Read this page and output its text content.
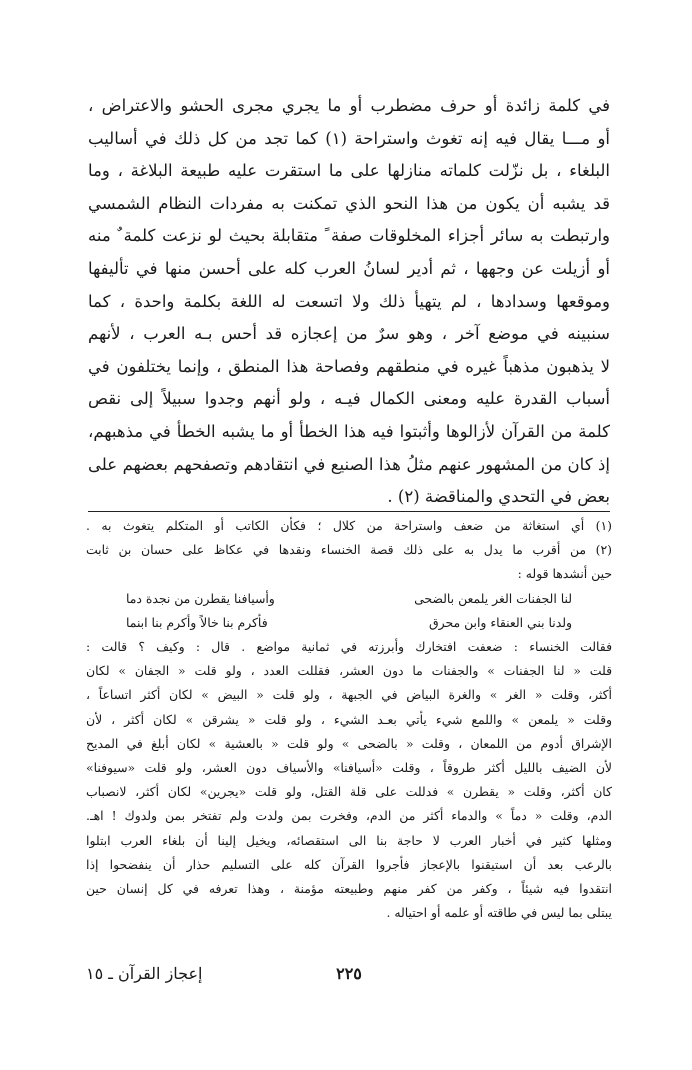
في كلمة زائدة أو حرف مضطرب أو ما يجري مجرى الحشو والاعتراض ،
أو مـــا يقال فيه إنه تغوث واستراحة (١) كما تجد من كل ذلك في أساليب
البلغاء ، بل نزّلت كلماته منازلها على ما استقرت عليه طبيعة البلاغة ، وما
قد يشبه أن يكون من هذا النحو الذي تمكنت به مفردات النظام الشمسي
وارتبطت به سائر أجزاء المخلوقات صفة ً متقابلة بحيث لو نزعت كلمة ٌ منه
أو أزيلت عن وجهها ، ثم أدير لسانُ العرب كله على أحسن منها في تأليفها
وموقعها وسدادها ، لم يتهيأ ذلك ولا اتسعت له اللغة بكلمة واحدة ، كما
سنبينه في موضع آخر ، وهو سرٌ من إعجازه قد أحس بـه العرب ، لأنهم
لا يذهبون مذهباً غيره في منطقهم وفصاحة هذا المنطق ، وإنما يختلفون في
أسباب القدرة عليه ومعنى الكمال فيـه ، ولو أنهم وجدوا سبيلاً إلى نقص
كلمة من القرآن لأزالوها وأثبتوا فيه هذا الخطأ أو ما يشبه الخطأ في مذهبهم،
إذ كان من المشهور عنهم مثلُ هذا الصنيع في انتقادهم وتصفحهم بعضهم على
بعض في التحدي والمناقضة (٢) .
(١) أي استغاثة من ضعف واستراحة من كلال ؛ فكأن الكاتب أو المتكلم يتغوث به .
(٢) من أقرب ما يدل به على ذلك قصة الخنساء ونقدها في عكاظ على حسان بن ثابت
حين أنشدها قوله :
لنا الجفنات الغر يلمعن بالضحى
وأسيافنا يقطرن من نجدة دما
ولدنا بني العنقاء وابن محرق
فأكرم بنا خالاً وأكرم بنا ابنما
فقالت الخنساء : ضعفت افتخارك وأبرزته في ثمانية مواضع . قال : وكيف ؟ قالت :
قلت « لنا الجفنات » والجفنات ما دون العشر، فقللت العدد ، ولو قلت « الجفان » لكان
أكثر، وقلت « الغر » والغرة البياض في الجبهة ، ولو قلت « البيض » لكان أكثر اتساعاً ،
وقلت « يلمعن » واللمع شيء يأتي بعـد الشيء ، ولو قلت « يشرقن » لكان أكثر ، لأن
الإشراق أدوم من اللمعان ، وقلت « بالضحى » ولو قلت « بالعشية » لكان أبلغ في المديح
لأن الضيف بالليل أكثر طروقاً ، وقلت «أسيافنا» والأسياف دون العشر، ولو قلت «سيوفنا»
كان أكثر، وقلت « يقطرن » فدللت على قلة القتل، ولو قلت «يجرين» لكان أكثر، لانصباب
الدم، وقلت « دماً » والدماء أكثر من الدم، وفخرت بمن ولدت ولم تفتخر بمن ولدوك ! اهـ.
ومثلها كثير في أخبار العرب لا حاجة بنا الى استقصائه، ويخيل إلينا أن بلغاء العرب ابتلوا
بالرعب بعد أن استيقنوا بالإعجاز فأجروا القرآن كله على التسليم حذار أن ينفضحوا إذا
انتقدوا فيه شيئاً ، وكفر من كفر منهم وطبيعته مؤمنة ، وهذا تعرفه في كل إنسان حين
يبتلى بما ليس في طاقته أو علمه أو احتياله .
٢٢٥
إعجاز القرآن ـ ١٥
